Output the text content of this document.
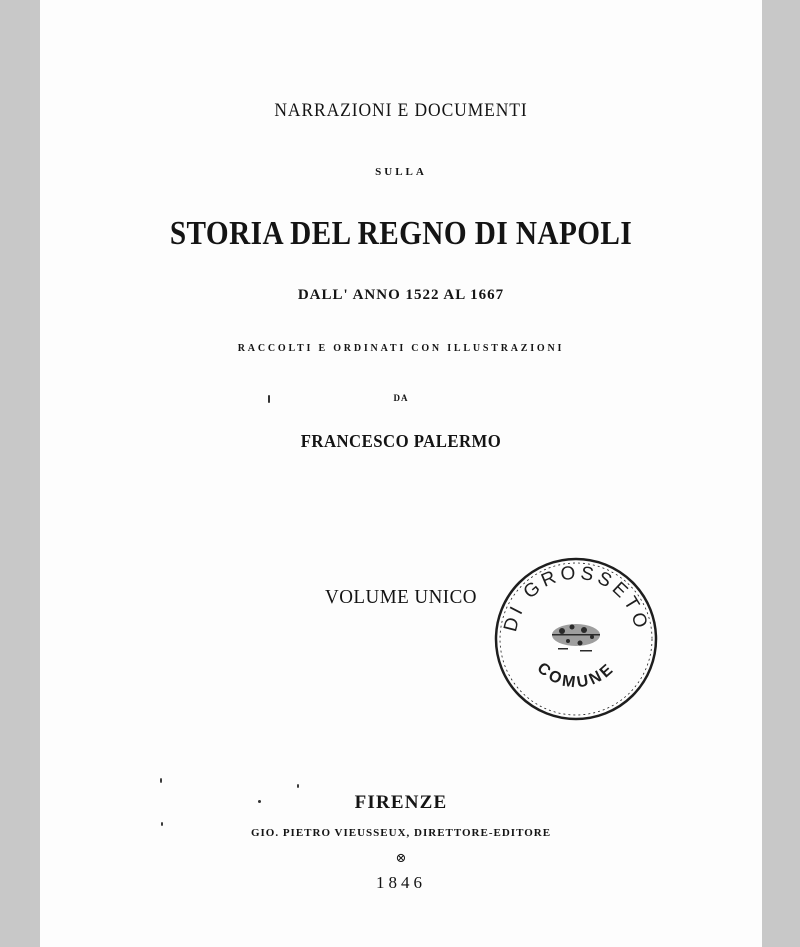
NARRAZIONI E DOCUMENTI
SULLA
STORIA DEL REGNO DI NAPOLI
DALL' ANNO 1522 AL 1667
RACCOLTI E ORDINATI CON ILLUSTRAZIONI
DA
FRANCESCO PALERMO
VOLUME UNICO
FIRENZE
GIO. PIETRO VIEUSSEUX, DIRETTORE-EDITORE
⊗
1846
DI GROSSETO
COMUNE
